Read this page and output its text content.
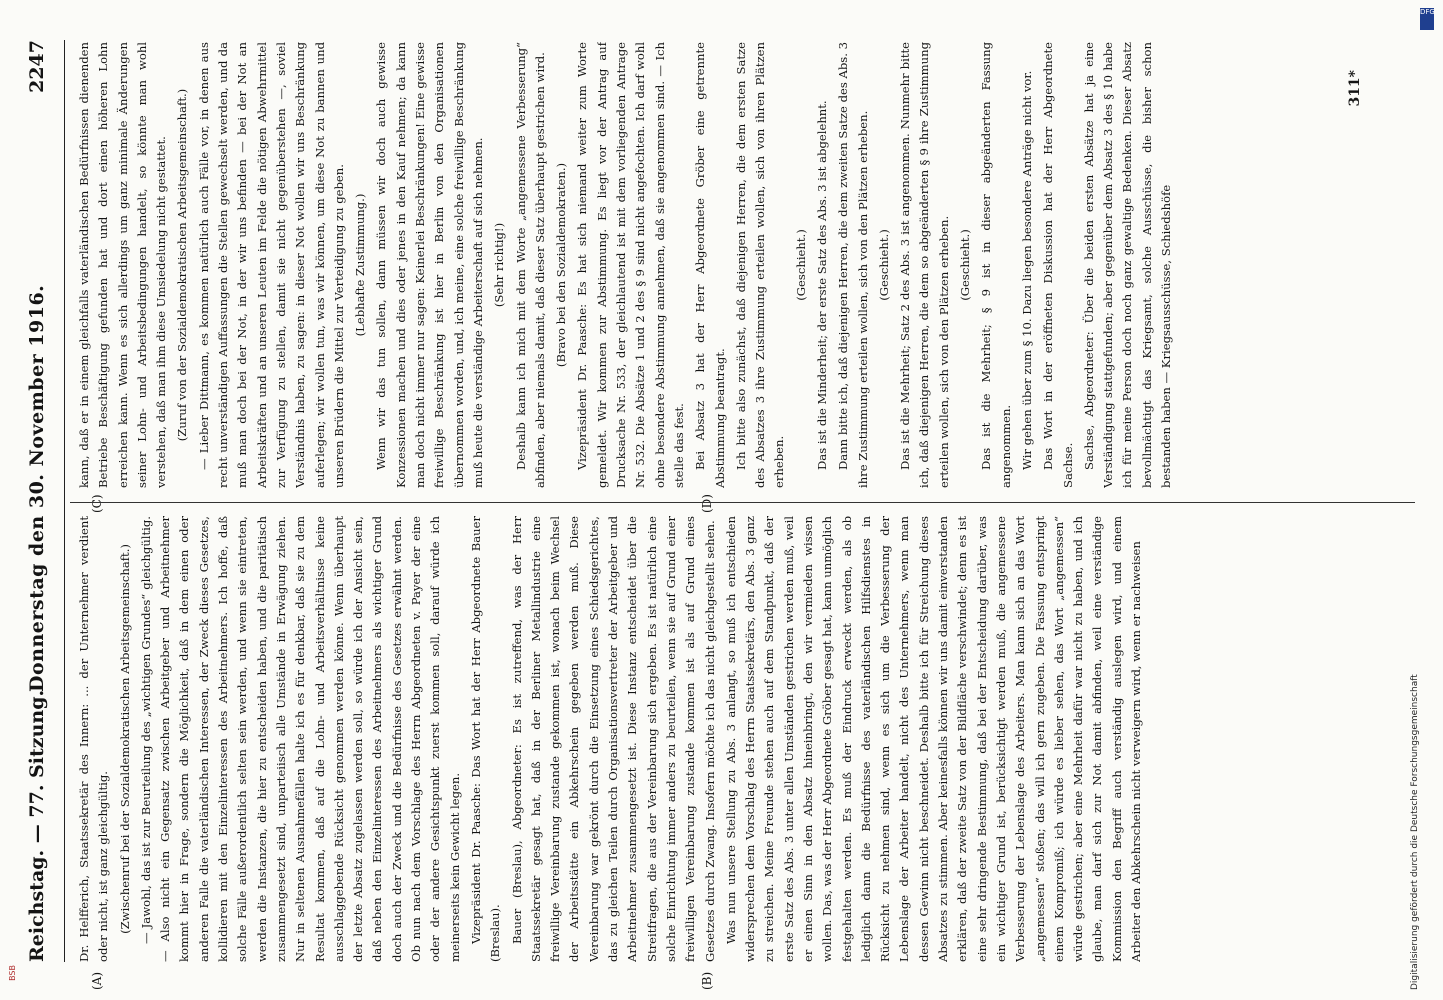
Reichstag. — 77. Sitzung.
Donnerstag den 30. November 1916.
2247
(A)	(B)
(C)	(D)

Dr. Helfferich, Staatssekretär des Innern: ... der Unternehmer verdient oder nicht, ist ganz gleichgültig. (Zwischenruf bei der Sozialdemokratischen Arbeitsgemeinschaft.) — Jawohl, das ist zur Beurteilung des „wichtigen Grundes“ gleichgültig. — Also nicht ein Gegensatz zwischen Arbeitgeber und Arbeitnehmer kommt hier in Frage, sondern die Möglichkeit, daß in dem einen oder anderen Falle die vaterländischen Interessen, der Zweck dieses Gesetzes, kollidieren mit den Einzelinteressen des Arbeitnehmers. Ich hoffe, daß solche Fälle außerordentlich selten sein werden, und wenn sie eintreten, werden die Instanzen, die hier zu entscheiden haben, und die paritätisch zusammengesetzt sind, unparteiisch alle Umstände in Erwägung ziehen. Nur in seltenen Ausnahmefällen halte ich es für denkbar, daß sie zu dem Resultat kommen, daß auf die Lohn- und Arbeitsverhältnisse keine ausschlaggebende Rücksicht genommen werden könne. Wenn überhaupt der letzte Absatz zugelassen werden soll, so würde ich der Ansicht sein, daß neben den Einzelinteressen des Arbeitnehmers als wichtiger Grund doch auch der Zweck und die Bedürfnisse des Gesetzes erwähnt werden. Ob nun nach dem Vorschlage des Herrn Abgeordneten v. Payer der eine oder der andere Gesichtspunkt zuerst kommen soll, darauf würde ich meinerseits kein Gewicht legen. Vizepräsident Dr. Paasche: Das Wort hat der Herr Abgeordnete Bauer (Breslau). Bauer (Breslau), Abgeordneter: Es ist zutreffend, was der Herr Staatssekretär gesagt hat, daß in der Berliner Metallindustrie eine freiwillige Vereinbarung zustande gekommen ist, wonach beim Wechsel der Arbeitsstätte ein Abkehrschein gegeben werden muß. Diese Vereinbarung war gekrönt durch die Einsetzung eines Schiedsgerichtes, das zu gleichen Teilen durch Organisationsvertreter der Arbeitgeber und Arbeitnehmer zusammengesetzt ist. Diese Instanz entscheidet über die Streitfragen, die aus der Vereinbarung sich ergeben. Es ist natürlich eine solche Einrichtung immer anders zu beurteilen, wenn sie auf Grund einer freiwilligen Vereinbarung zustande kommen ist als auf Grund eines Gesetzes durch Zwang. Insofern möchte ich das nicht gleichgestellt sehen. Was nun unsere Stellung zu Abs. 3 anlangt, so muß ich entschieden widersprechen dem Vorschlag des Herrn Staatssekretärs, den Abs. 3 ganz zu streichen. Meine Freunde stehen auch auf dem Standpunkt, daß der erste Satz des Abs. 3 unter allen Umständen gestrichen werden muß, weil er einen Sinn in den Absatz hineinbringt, den wir vermieden wissen wollen. Das, was der Herr Abgeordnete Gröber gesagt hat, kann unmöglich festgehalten werden. Es muß der Eindruck erweckt werden, als ob lediglich dann die Bedürfnisse des vaterländischen Hilfsdienstes in Rücksicht zu nehmen sind, wenn es sich um die Verbesserung der Lebenslage der Arbeiter handelt, nicht des Unternehmers, wenn man dessen Gewinn nicht beschneidet. Deshalb bitte ich für Streichung dieses Absatzes zu stimmen. Aber keinesfalls können wir uns damit einverstanden erklären, daß der zweite Satz von der Bildfläche verschwindet; denn es ist eine sehr dringende Bestimmung, daß bei der Entscheidung darüber, was ein wichtiger Grund ist, berücksichtigt werden muß, die angemessene Verbesserung der Lebenslage des Arbeiters. Man kann sich an das Wort „angemessen“ stoßen; das will ich gern zugeben. Die Fassung entspringt einem Kompromiß; ich würde es lieber sehen, das Wort „angemessen“ würde gestrichen; aber eine Mehrheit dafür war nicht zu haben, und ich glaube, man darf sich zur Not damit abfinden, weil eine verständige Kommission den Begriff auch verständig auslegen wird, und einem Arbeiter den Abkehrschein nicht verweigern wird, wenn er nachweisen

kann, daß er in einem gleichfalls vaterländischen Bedürfnissen dienenden Betriebe Beschäftigung gefunden hat und dort einen höheren Lohn erreichen kann. Wenn es sich allerdings um ganz minimale Änderungen seiner Lohn- und Arbeitsbedingungen handelt, so könnte man wohl verstehen, daß man ihm diese Umsiedelung nicht gestattet. (Zuruf von der Sozialdemokratischen Arbeitsgemeinschaft.) — Lieber Dittmann, es kommen natürlich auch Fälle vor, in denen aus recht unverständigen Auffassungen die Stellen gewechselt werden, und da muß man doch bei der Not, in der wir uns befinden — bei der Not an Arbeitskräften und an unseren Leuten im Felde die nötigen Abwehrmittel zur Verfügung zu stellen, damit sie nicht gegenüberstehen —, soviel Verständnis haben, zu sagen: in dieser Not wollen wir uns Beschränkung auferlegen; wir wollen tun, was wir können, um diese Not zu bannen und unseren Brüdern die Mittel zur Verteidigung zu geben. (Lebhafte Zustimmung.) Wenn wir das tun sollen, dann müssen wir doch auch gewisse Konzessionen machen und dies oder jenes in den Kauf nehmen; da kann man doch nicht immer nur sagen: Keinerlei Beschränkungen! Eine gewisse freiwillige Beschränkung ist hier in Berlin von den Organisationen übernommen worden, und, ich meine, eine solche freiwillige Beschränkung muß heute die verständige Arbeiterschaft auf sich nehmen. (Sehr richtig!) Deshalb kann ich mich mit dem Worte „angemessene Verbesserung“ abfinden, aber niemals damit, daß dieser Satz überhaupt gestrichen wird. (Bravo bei den Sozialdemokraten.) Vizepräsident Dr. Paasche: Es hat sich niemand weiter zum Worte gemeldet. Wir kommen zur Abstimmung. Es liegt vor der Antrag auf Drucksache Nr. 533, der gleichlautend ist mit dem vorliegenden Antrage Nr. 532. Die Absätze 1 und 2 des § 9 sind nicht angefochten. Ich darf wohl ohne besondere Abstimmung annehmen, daß sie angenommen sind. — Ich stelle das fest. Bei Absatz 3 hat der Herr Abgeordnete Gröber eine getrennte Abstimmung beantragt. Ich bitte also zunächst, daß diejenigen Herren, die dem ersten Satze des Absatzes 3 ihre Zustimmung erteilen wollen, sich von ihren Plätzen erheben.

(Geschieht.) Das ist die Minderheit; der erste Satz des Abs. 3 ist abgelehnt. Dann bitte ich, daß diejenigen Herren, die dem zweiten Satze des Abs. 3 ihre Zustimmung erteilen wollen, sich von den Plätzen erheben. (Geschieht.) Das ist die Mehrheit; Satz 2 des Abs. 3 ist angenommen. Nunmehr bitte ich, daß diejenigen Herren, die dem so abgeänderten § 9 ihre Zustimmung erteilen wollen, sich von den Plätzen erheben. (Geschieht.) Das ist die Mehrheit; § 9 ist in dieser abgeänderten Fassung angenommen. Wir gehen über zum § 10. Dazu liegen besondere Anträge nicht vor. Das Wort in der eröffneten Diskussion hat der Herr Abgeordnete Sachse. Sachse, Abgeordneter: Über die beiden ersten Absätze hat ja eine Verständigung stattgefunden; aber gegenüber dem Absatz 3 des § 10 habe ich für meine Person doch noch ganz gewaltige Bedenken. Dieser Absatz bevollmächtigt das Kriegsamt, solche Ausschüsse, die bisher schon bestanden haben — Kriegsausschüsse, Schiedshöfe

311*
DFG
Digitalisierung gefördert durch die Deutsche Forschungsgemeinschaft
BSB
